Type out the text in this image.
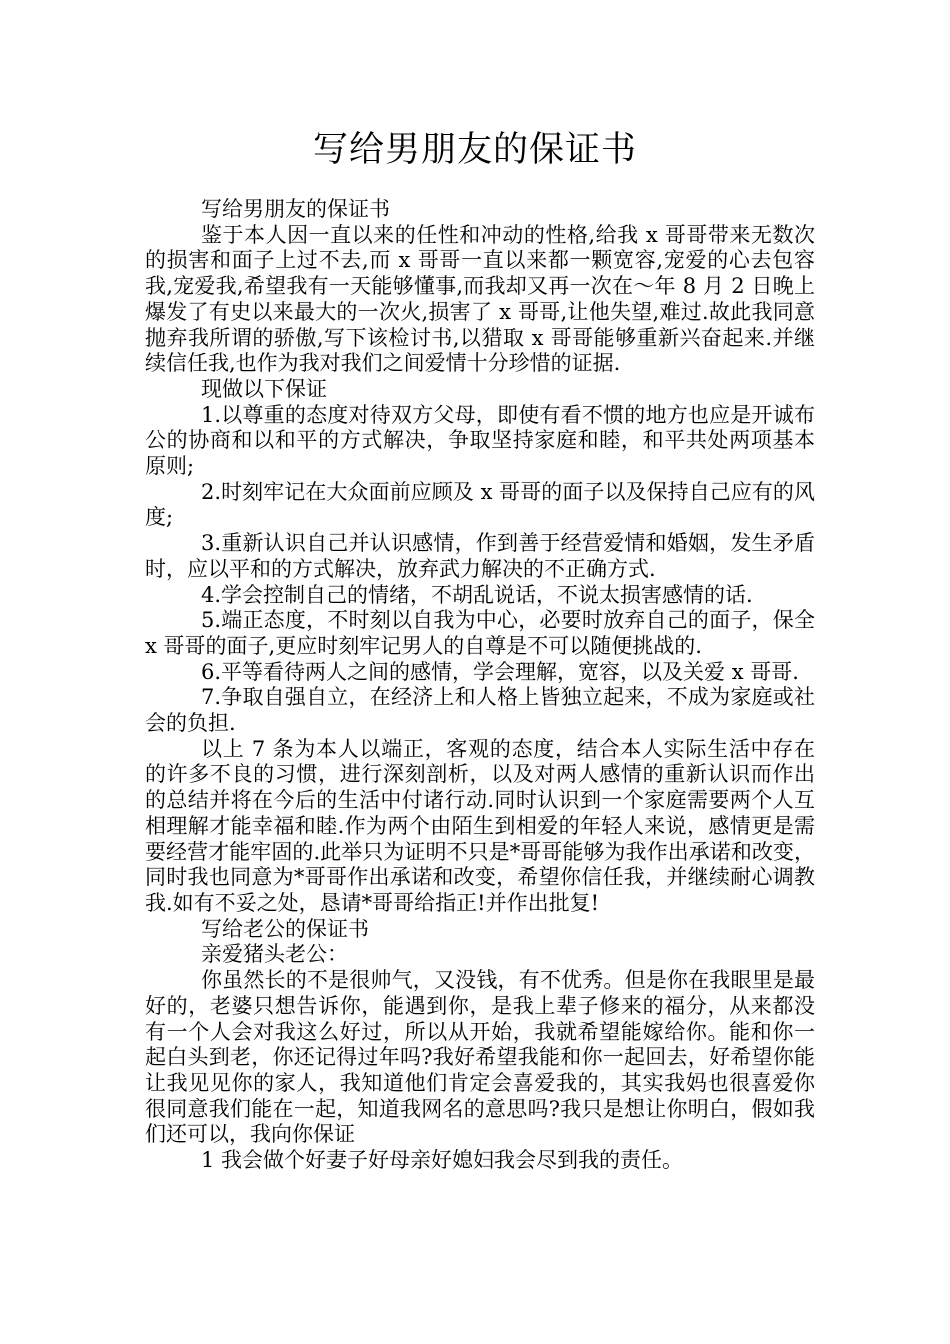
写给男朋友的保证书

写给男朋友的保证书

鉴于本人因一直以来的任性和冲动的性格,给我 x 哥哥带来无数次的损害和面子上过不去,而 x 哥哥一直以来都一颗宽容,宠爱的心去包容我,宠爱我,希望我有一天能够懂事,而我却又再一次在～年 8 月 2 日晚上爆发了有史以来最大的一次火,损害了 x 哥哥,让他失望,难过.故此我同意抛弃我所谓的骄傲,写下该检讨书,以猎取 x 哥哥能够重新兴奋起来.并继续信任我,也作为我对我们之间爱情十分珍惜的证据.

现做以下保证

1.以尊重的态度对待双方父母，即使有看不惯的地方也应是开诚布公的协商和以和平的方式解决，争取坚持家庭和睦，和平共处两项基本原则;

2.时刻牢记在大众面前应顾及 x 哥哥的面子以及保持自己应有的风度;

3.重新认识自己并认识感情，作到善于经营爱情和婚姻，发生矛盾时，应以平和的方式解决，放弃武力解决的不正确方式.

4.学会控制自己的情绪，不胡乱说话，不说太损害感情的话.

5.端正态度，不时刻以自我为中心，必要时放弃自己的面子，保全 x 哥哥的面子,更应时刻牢记男人的自尊是不可以随便挑战的.

6.平等看待两人之间的感情，学会理解，宽容，以及关爱 x 哥哥.

7.争取自强自立，在经济上和人格上皆独立起来，不成为家庭或社会的负担.

以上 7 条为本人以端正，客观的态度，结合本人实际生活中存在的许多不良的习惯，进行深刻剖析，以及对两人感情的重新认识而作出的总结并将在今后的生活中付诸行动.同时认识到一个家庭需要两个人互相理解才能幸福和睦.作为两个由陌生到相爱的年轻人来说，感情更是需要经营才能牢固的.此举只为证明不只是*哥哥能够为我作出承诺和改变，同时我也同意为*哥哥作出承诺和改变，希望你信任我，并继续耐心调教我.如有不妥之处，恳请*哥哥给指正!并作出批复!

写给老公的保证书

亲爱猪头老公：

你虽然长的不是很帅气，又没钱，有不优秀。但是你在我眼里是最好的，老婆只想告诉你，能遇到你，是我上辈子修来的福分，从来都没有一个人会对我这么好过，所以从开始，我就希望能嫁给你。能和你一起白头到老，你还记得过年吗?我好希望我能和你一起回去，好希望你能让我见见你的家人，我知道他们肯定会喜爱我的，其实我妈也很喜爱你很同意我们能在一起，知道我网名的意思吗?我只是想让你明白，假如我们还可以，我向你保证

1 我会做个好妻子好母亲好媳妇我会尽到我的责任。
